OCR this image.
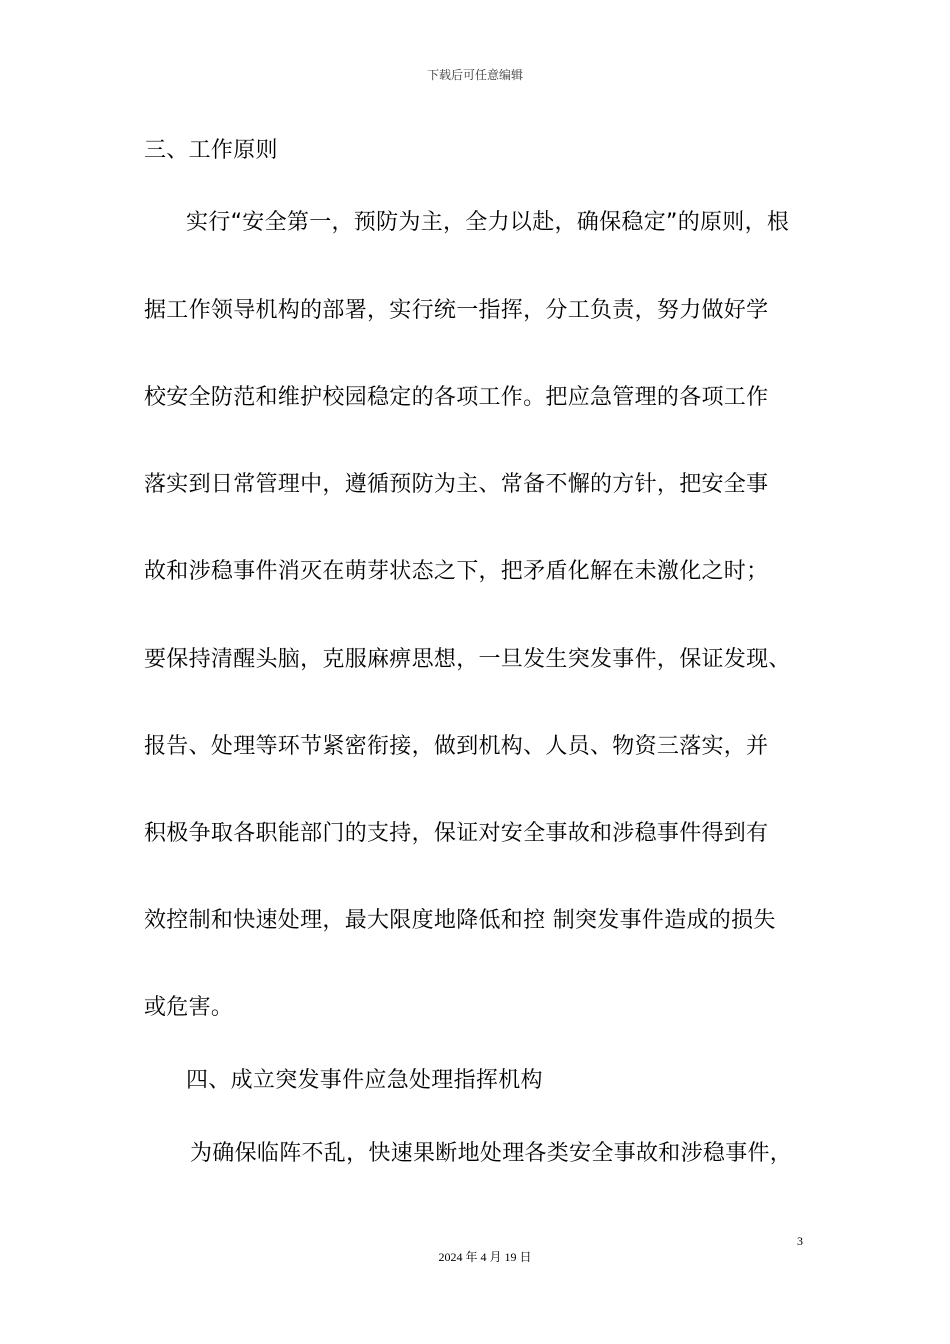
下载后可任意编辑
三、工作原则
实行“安全第一，预防为主，全力以赴，确保稳定”的原则，根
据工作领导机构的部署，实行统一指挥，分工负责，努力做好学
校安全防范和维护校园稳定的各项工作。把应急管理的各项工作
落实到日常管理中，遵循预防为主、常备不懈的方针，把安全事
故和涉稳事件消灭在萌芽状态之下，把矛盾化解在未激化之时；
要保持清醒头脑，克服麻痹思想，一旦发生突发事件，保证发现、
报告、处理等环节紧密衔接，做到机构、人员、物资三落实，并
积极争取各职能部门的支持，保证对安全事故和涉稳事件得到有
效控制和快速处理，最大限度地降低和控 制突发事件造成的损失
或危害。
四、成立突发事件应急处理指挥机构
为确保临阵不乱，快速果断地处理各类安全事故和涉稳事件，
3
2024 年 4 月 19 日
